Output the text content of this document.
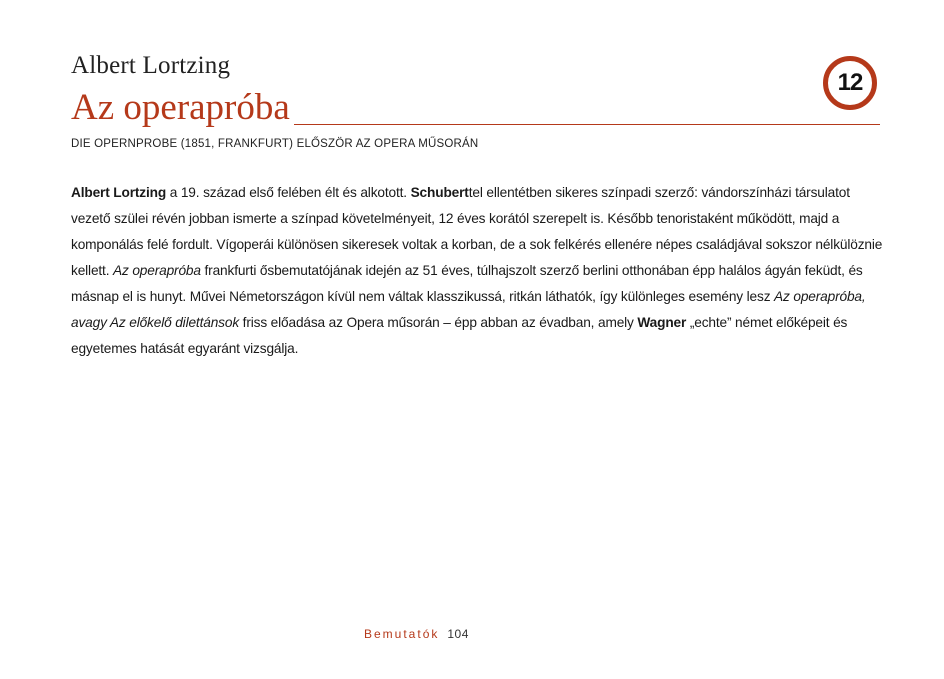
Albert Lortzing
12
Az operapróba
DIE OPERNPROBE (1851, FRANKFURT) ELŐSZÖR AZ OPERA MŰSORÁN
Albert Lortzing a 19. század első felében élt és alkotott. Schuberttel ellentétben sikeres színpadi szerző: vándorszínházi társulatot vezető szülei révén jobban ismerte a színpad követelményeit, 12 éves korától szerepelt is. Később tenoristaként működött, majd a komponálás felé fordult. Vígoperái különösen sikeresek voltak a korban, de a sok felkérés ellenére népes családjával sokszor nélkülöznie kellett. Az operapróba frankfurti ősbemutatójának idején az 51 éves, túlhajszolt szerző berlini otthonában épp halálos ágyán feküdt, és másnap el is hunyt. Művei Németországon kívül nem váltak klasszikussá, ritkán láthatók, így különleges esemény lesz Az operapróba, avagy Az előkelő dilettánsok friss előadása az Opera műsorán – épp abban az évadban, amely Wagner „echte” német előképeit és egyetemes hatását egyaránt vizsgálja.
Bemutatók 104
